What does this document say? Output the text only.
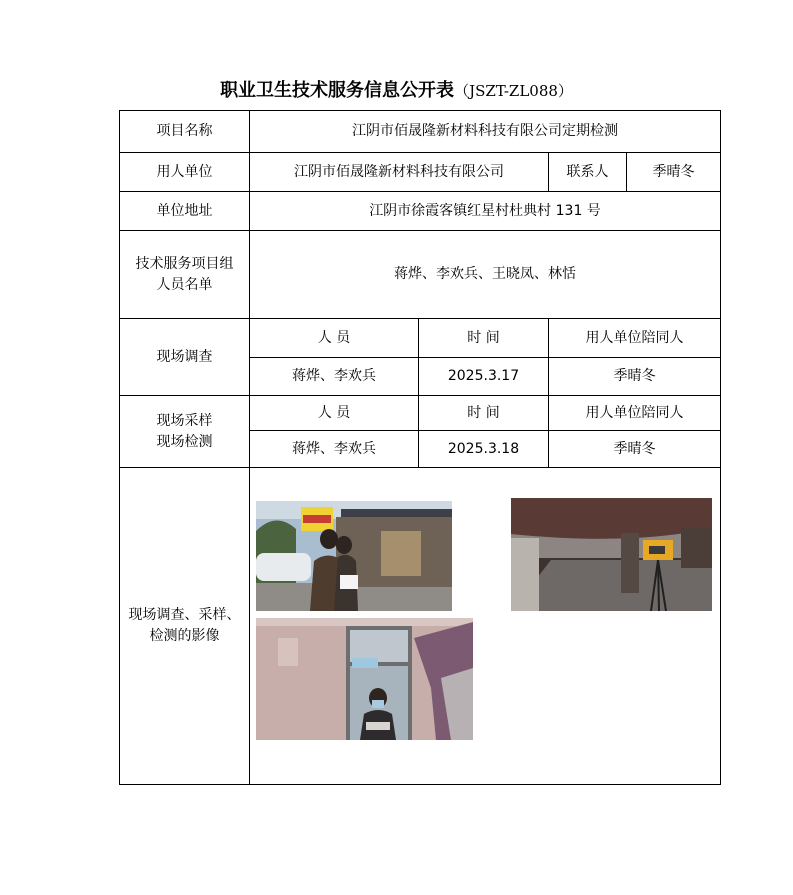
职业卫生技术服务信息公开表（JSZT-ZL088）
项目名称	江阴市佰晟隆新材料科技有限公司定期检测			
用人单位	江阴市佰晟隆新材料科技有限公司		联系人	季晴冬
单位地址	江阴市徐霞客镇红星村杜典村 131 号			
技术服务项目组人员名单	蒋烨、李欢兵、王晓凤、林恬			
现场调查	人 员	时 间	用人单位陪同人	
	蒋烨、李欢兵	2025.3.17	季晴冬	
现场采样现场检测	人 员	时 间	用人单位陪同人	
	蒋烨、李欢兵	2025.3.18	季晴冬	
现场调查、采样、检测的影像	
